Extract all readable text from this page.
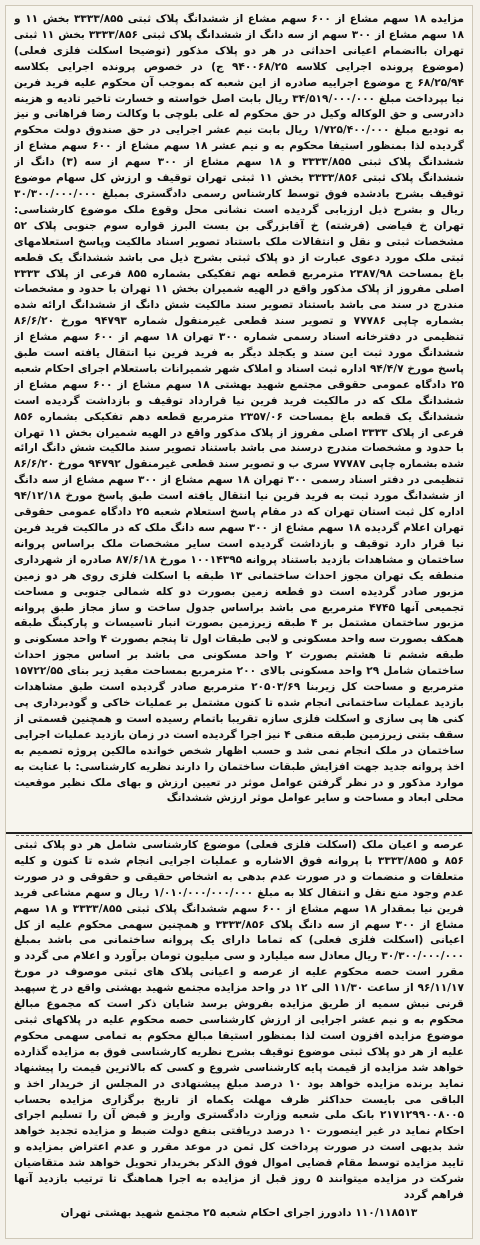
مزایده ۱۸ سهم مشاع از ۶۰۰ سهم مشاع از ششدانگ پلاک ثبتی ۳۳۳۳/۸۵۵ بخش ۱۱ و ۱۸ سهم مشاع از ۳۰۰ سهم از سه دانگ از ششدانگ پلاک ثبتی ۳۳۳۳/۸۵۶ بخش ۱۱ ثبتی تهران باانضمام اعیانی احداثی در هر دو پلاک مذکور (توضیحا اسکلت فلزی فعلی) (موضوع پرونده اجرایی کلاسه ۹۴۰۰۶۸/۲۵ ج) در خصوص پرونده اجرایی بکلاسه ۶۸/۲۵/۹۴ ج موضوع اجراییه صادره از این شعبه که بموجب آن محکوم علیه فرید فرین نیا بپرداخت مبلغ ۳۴/۵۱۹/۰۰۰/۰۰۰ ریال بابت اصل خواسته و خسارت تاخیر تادیه و هزینه دادرسی و حق الوکاله وکیل در حق محکوم له علی بلوچی با وکالت رضا فراهانی و نیز به تودیع مبلغ ۱/۷۲۵/۴۰۰/۰۰۰ ریال بابت نیم عشر اجرایی در حق صندوق دولت محکوم گردیده لذا بمنظور استیفا محکوم به و نیم عشر ۱۸ سهم مشاع از ۶۰۰ سهم مشاع از ششدانگ پلاک ثبتی ۳۳۳۳/۸۵۵ و ۱۸ سهم مشاع از ۳۰۰ سهم از سه (۳) دانگ از ششدانگ پلاک ثبتی ۳۳۳۳/۸۵۶ بخش ۱۱ ثبتی تهران توقیف و ارزش کل سهام موضوع توقیف بشرح بادشده فوق توسط کارشناس رسمی دادگستری بمبلغ ۳۰/۳۰۰/۰۰۰/۰۰۰ ریال و بشرح ذیل ارزیابی گردیده است نشانی محل وقوع ملک موضوع کارشناسی: تهران خ فیاضی (فرشته) خ آقابزرگی بن بست البرز قواره سوم جنوبی پلاک ۵۲ مشخصات ثبتی و نقل و انتقالات ملک باستناد تصویر اسناد مالکیت وپاسخ استعلامهای ثبتی ملک مورد دعوی عبارت از دو پلاک ثبتی بشرح ذیل می باشد ششدانگ یک قطعه باغ بمساحت ۲۳۸۷/۹۸ مترمربع قطعه نهم تفکیکی بشماره ۸۵۵ فرعی از پلاک ۳۳۳۳ اصلی مفروز از پلاک مذکور واقع در الهیه شمیران بخش ۱۱ تهران با حدود و مشخصات مندرج در سند می باشد باستناد تصویر سند مالکیت شش دانگ از ششدانگ ارائه شده بشماره چاپی ۷۷۷۸۶ و تصویر سند قطعی غیرمنقول شماره ۹۴۷۹۳ مورخ ۸۶/۶/۲۰ تنظیمی در دفترخانه اسناد رسمی شماره ۳۰۰ تهران ۱۸ سهم از ۶۰۰ سهم مشاع از ششدانگ مورد ثبت این سند و یکجلد دیگر به فرید فرین نیا انتقال یافته است طبق پاسخ مورخ ۹۴/۴/۷ اداره ثبت اسناد و املاک شهر شمیرانات باستعلام اجرای احکام شعبه ۲۵ دادگاه عمومی حقوقی مجتمع شهید بهشتی ۱۸ سهم مشاع از ۶۰۰ سهم مشاع از ششدانگ ملک که در مالکیت فرید فرین نیا قرارداد توقیف و بازداشت گردیده است ششدانگ یک قطعه باغ بمساحت ۲۳۵۷/۰۶ مترمربع قطعه دهم تفکیکی بشماره ۸۵۶ فرعی از پلاک ۳۳۳۳ اصلی مفروز از پلاک مذکور واقع در الهیه شمیران بخش ۱۱ تهران با حدود و مشخصات مندرج درسند می باشد باستناد تصویر سند مالکیت شش دانگ ارائه شده بشماره چاپی ۷۷۷۸۷ سری ب و تصویر سند قطعی غیرمنقول ۹۴۷۹۲ مورخ ۸۶/۶/۲۰ تنظیمی در دفتر اسناد رسمی ۳۰۰ تهران ۱۸ سهم مشاع از ۳۰۰ سهم مشاع از سه دانگ از ششدانگ مورد ثبت به فرید فرین نیا انتقال یافته است طبق پاسخ مورخ ۹۴/۱۲/۱۸ اداره کل ثبت استان تهران که در مقام پاسخ استعلام شعبه ۲۵ دادگاه عمومی حقوقی تهران اعلام گردیده ۱۸ سهم مشاع از ۳۰۰ سهم سه دانگ ملک که در مالکیت فرید فرین نیا قرار دارد توقیف و بازداشت گردیده است سایر مشخصات ملک براساس پروانه ساختمان و مشاهدات بازدید باستناد پروانه ۱۰۰۱۴۳۹۵ مورخ ۸۷/۶/۱۸ صادره از شهرداری منطقه یک تهران مجوز احداث ساختمانی ۱۳ طبقه با اسکلت فلزی روی هر دو زمین مزبور صادر گردیده است دو قطعه زمین بصورت دو کله شمالی جنوبی و مساحت تجمیعی آنها ۴۷۴۵ مترمربع می باشد براساس جدول ساخت و ساز مجاز طبق پروانه مزبور ساختمان مشتمل بر ۴ طبقه زیرزمین بصورت انبار تاسیسات و پارکینگ طبقه همکف بصورت سه واحد مسکونی و لابی طبقات اول تا پنجم بصورت ۴ واحد مسکونی و طبقه ششم تا هشتم بصورت ۲ واحد مسکونی می باشد بر اساس مجوز احداث ساختمان شامل ۲۹ واحد مسکونی بالای ۲۰۰ مترمربع بمساحت مفید زیر بنای ۱۵۷۲۲/۵۵ مترمربع و مساحت کل زیربنا ۲۰۵۰۳/۶۹ مترمربع صادر گردیده است طبق مشاهدات بازدید عملیات ساختمانی انجام شده تا کنون مشتمل بر عملیات خاکی و گودبرداری پی کنی ها پی سازی و اسکلت فلزی سازه تقریبا باتمام رسیده است و همچنین قسمتی از سقف بتنی زیرزمین طبقه منفی ۴ نیز اجرا گردیده است در زمان بازدید عملیات اجرایی ساختمان در ملک انجام نمی شد و حسب اظهار شخص خوانده مالکین پروژه تصمیم به اخذ پروانه جدید جهت افزایش طبقات ساختمان را دارند نظریه کارشناسی: با عنایت به موارد مذکور و در نظر گرفتن عوامل موثر در تعیین ارزش و بهای ملک نظیر موقعیت محلی ابعاد و مساحت و سایر عوامل موثر ارزش ششدانگ

عرصه و اعیان ملک (اسکلت فلزی فعلی) موضوع کارشناسی شامل هر دو پلاک ثبتی ۸۵۶ و ۳۳۳۳/۸۵۵ با پروانه فوق الاشاره و عملیات اجرایی انجام شده تا کنون و کلیه متعلقات و منضمات و در صورت عدم بدهی به اشخاص حقیقی و حقوقی و در صورت عدم وجود منع نقل و انتقال کلا به مبلغ ۱/۰۱۰/۰۰۰/۰۰۰/۰۰۰ ریال و سهم مشاعی فرید فرین نیا بمقدار ۱۸ سهم مشاع از ۶۰۰ سهم ششدانگ پلاک ثبتی ۳۳۳۳/۸۵۵ و ۱۸ سهم مشاع از ۳۰۰ سهم از سه دانگ پلاک ۳۳۳۳/۸۵۶ و همچنین سهمی محکوم علیه از کل اعیانی (اسکلت فلزی فعلی) که تماما دارای یک پروانه ساختمانی می باشد بمبلغ ۳۰/۳۰۰/۰۰۰/۰۰۰ ریال معادل سه میلیارد و سی میلیون تومان برآورد و اعلام می گردد و مقرر است حصه محکوم علیه از عرصه و اعیانی پلاک های ثبتی موصوف در مورخ ۹۶/۱۱/۱۷ از ساعت ۱۱/۳۰ الی ۱۲ در واحد مزایده مجتمع شهید بهشتی واقع در خ سپهبد قرنی نبش سمیه از طریق مزایده بفروش برسد شایان ذکر است که مجموع مبالغ محکوم به و نیم عشر اجرایی از ارزش کارشناسی حصه محکوم علیه در پلاکهای ثبتی موضوع مزایده افزون است لذا بمنظور استیفا مبالغ محکوم به تمامی سهمی محکوم علیه از هر دو پلاک ثبتی موضوع توقیف بشرح نظریه کارشناسی فوق به مزایده گذارده خواهد شد مزایده از قیمت پایه کارشناسی شروع و کسی که بالاترین قیمت را پیشنهاد نماید برنده مزایده خواهد بود ۱۰ درصد مبلغ پیشنهادی در المجلس از خریدار اخذ و الباقی می بایست حداکثر ظرف مهلت یکماه از تاریخ برگزاری مزایده بحساب ۲۱۷۱۲۹۹۰۰۸۰۰۵ بانک ملی شعبه وزارت دادگستری واریز و قبض آن را تسلیم اجرای احکام نماید در غیر اینصورت ۱۰ درصد دریافتی بنفع دولت ضبط و مزایده تجدید خواهد شد بدیهی است در صورت پرداخت کل ثمن در موعد مقرر و عدم اعتراض بمزایده و تایید مزایده توسط مقام قضایی اموال فوق الذکر بخریدار تحویل خواهد شد متقاضیان شرکت در مزایده میتوانند ۵ روز قبل از مزایده به اجرا هماهنگ تا ترتیب بازدید آنها فراهم گردد

۱۱۰/۱۱۸۵۱۳ دادورز اجرای احکام شعبه ۲۵ مجتمع شهید بهشتی تهران
